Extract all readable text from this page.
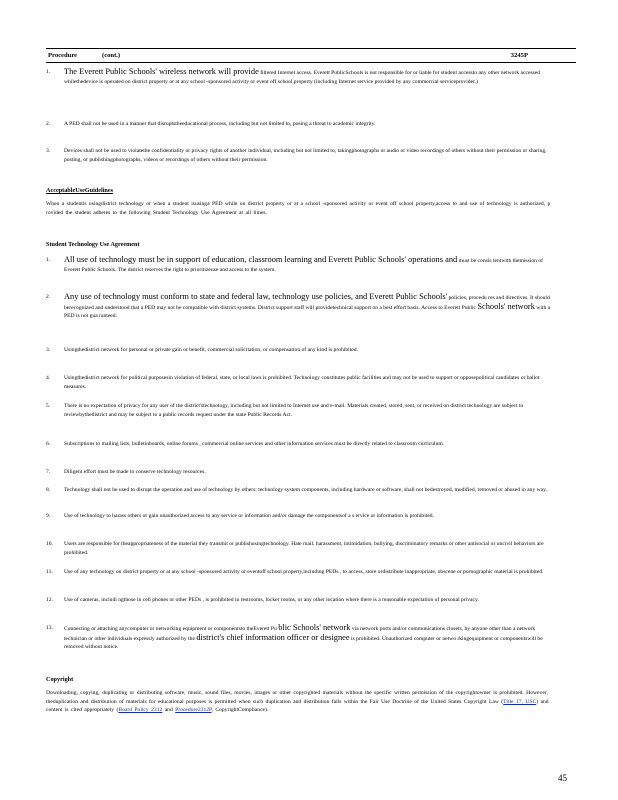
Procedure	(cont.)	3245P
1.	The Everett Public Schools' wireless network will provide filtered Internet access. Everett PublicSchools is not responsible for or liable for student accessto any other network accessed whilethedevice is operated on district property or at any school -sponsored activity or event off school property (including Internet service provided by any commercial serviceprovider.)
2.	A PED shall not be used in a manner that disruptstheeducational process, including but not limited to, posing a threat to academic integrity.
3.	Devices shall not be used to violatethe confidentiality or privacy rights of another individual, including but not limited to, takingphotographs or audio or video recordings of others without their permission or sharing, posting, or publishingphotographs, videos or recordings of others without their permission.
AcceptableUseGuidelines
When a studentis usingdistrict technology or when a student isusinga PED while on district property or at a school -sponsored activity or event off school property,access to and use of technology is authorized, p rovided the student adheres to the following Student Technology Use Agreement at all times.
Student Technology Use Agreement
1.	All use of technology must be in support of education, classroom learning and Everett Public Schools' operations and must be consis tentwith themission of Everett Public Schools. The district reserves the right to prioritizeuse and access to the system.
2.	Any use of technology must conform to state and federal law, technology use policies, and Everett Public Schools' policies, procedu res and directives. It should berecognized and understood that a PED may not be compatible with district systems. District support staff will providetechnical support on a best effort basis. Access to Everett Public Schools' network with a PED is not gua ranteed.
3.	Usingthedistrict network for personal or private gain or benefit, commercial solicitation, or compensation of any kind is prohibited.
4.	Usingthedistrict network for political purposesin violation of federal, state, or local laws is prohibited. Technology constitutes public facilities and may not be used to support or opposepolitical candidates or ballot measures.
5.	There is no expectation of privacy for any user of the district'stechnology, including but not limited to Internet use and e-mail. Materials created, stored, sent, or received on district technology are subject to reviewbythedistrict and may be subject to a public records request under the state Public Records Act.
6.	Subscriptions to mailing lists, bulletinboards, online forums , commercial online services and other information services must be directly related to classroom curriculum.
7.	Diligent effort must be made to conserve technology resources.
8.	Technology shall not be used to disrupt the operation and use of technology by others; technology system components, including hardware or software, shall not bedestroyed, modified, removed or abused in any way.
9.	Use of technology to harass others or gain unauthorized access to any service or information and/or damage the componentsof a s ervice or information is prohibited.
10.	Users are responsible for theappropriateness of the material they transmit or publishusingtechnology. Hate mail, harassment, intimidation, bullying, discriminatory remarks or other antisocial or uncivil behaviors are prohibited.
11.	Use of any technology on district property or at any school -sponsored activity or eventoff school property,including PEDs , to access, store ordistribute inappropriate, obscene or pornographic material is prohibited.
12.	Use of cameras, includi ngthose in cell phones or other PEDs , is prohibited in restrooms, locker rooms, or any other location where there is a reasonable expectation of personal privacy.
13.	Connecting or attaching anycomputer or networking equipment or componentsto theEverett Pu blic Schools' network via network ports and/or communications closets, by anyone other than a network technician or other individuals expressly authorized by the district's chief information officer or designee is prohibited. Unauthorized computer or netwo rkingequipment or componentswill be removed without notice.
Copyright
Downloading, copying, duplicating or distributing software, music, sound files, movies, images or other copyrighted materials without the specific written permission of the copyrightowner is prohibited. However, theduplication and distribution of materials for educational purposes is permitted when such duplication and distribution falls within the Fair Use Doctrine of the United States Copyright Law (Title 17, USC) and content is cited appropriately (Board Policy 2312 and Procedure2312P, CopyrightCompliance).
45
